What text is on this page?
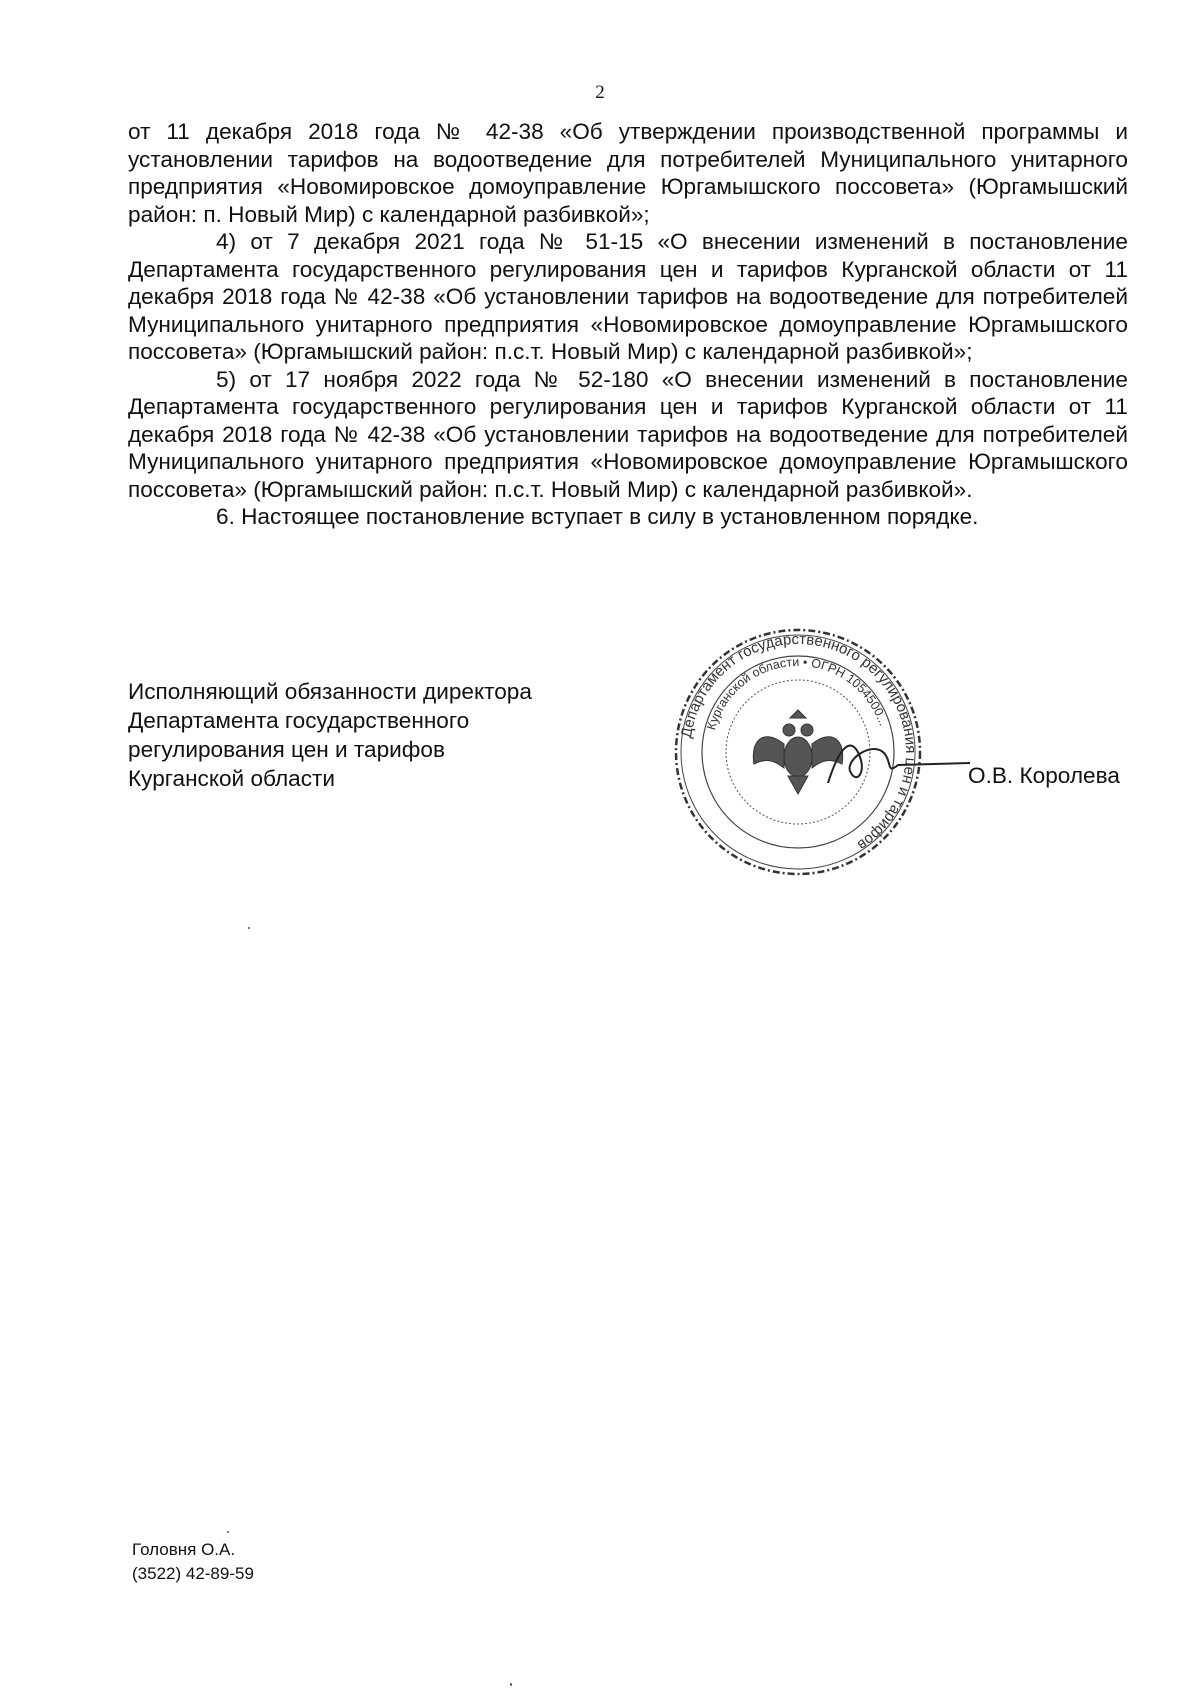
2

от 11 декабря 2018 года № 42-38 «Об утверждении производственной программы и установлении тарифов на водоотведение для потребителей Муниципального унитарного предприятия «Новомировское домоуправление Юргамышского поссовета» (Юргамышский район: п. Новый Мир) с календарной разбивкой»;

4) от 7 декабря 2021 года № 51-15 «О внесении изменений в постановление Департамента государственного регулирования цен и тарифов Курганской области от 11 декабря 2018 года № 42-38 «Об установлении тарифов на водоотведение для потребителей Муниципального унитарного предприятия «Новомировское домоуправление Юргамышского поссовета» (Юргамышский район: п.с.т. Новый Мир) с календарной разбивкой»;

5) от 17 ноября 2022 года № 52-180 «О внесении изменений в постановление Департамента государственного регулирования цен и тарифов Курганской области от 11 декабря 2018 года № 42-38 «Об установлении тарифов на водоотведение для потребителей Муниципального унитарного предприятия «Новомировское домоуправление Юргамышского поссовета» (Юргамышский район: п.с.т. Новый Мир) с календарной разбивкой».

6. Настоящее постановление вступает в силу в установленном порядке.

Исполняющий обязанности директора
Департамента государственного
регулирования цен и тарифов
Курганской области
Департамент государственного регулирования цен и тарифов
Курганской области • ОГРН 1054500...
О.В. Королева
Головня О.А.
(3522) 42-89-59
